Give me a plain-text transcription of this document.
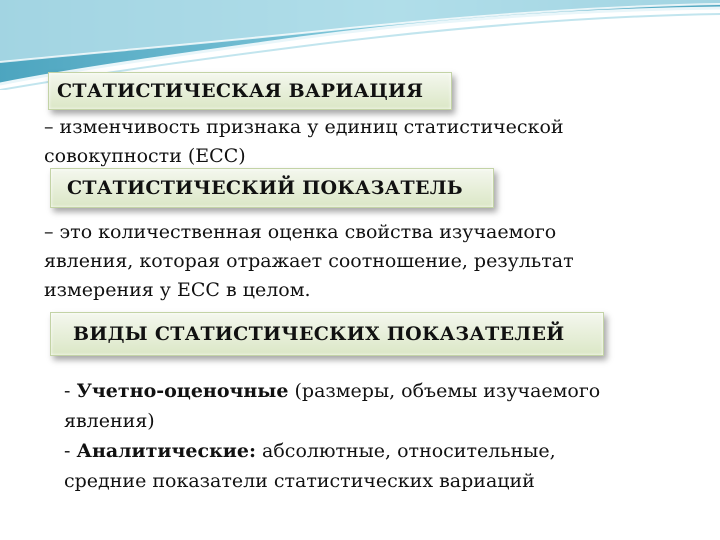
СТАТИСТИЧЕСКАЯ ВАРИАЦИЯ
– изменчивость признака у единиц статистической
совокупности (ЕСС)
СТАТИСТИЧЕСКИЙ ПОКАЗАТЕЛЬ
– это количественная оценка свойства изучаемого
явления, которая отражает соотношение, результат
измерения у ЕСС в целом.
ВИДЫ СТАТИСТИЧЕСКИХ ПОКАЗАТЕЛЕЙ
- Учетно-оценочные (размеры, объемы изучаемого
явления)
- Аналитические: абсолютные, относительные,
средние показатели статистических вариаций
